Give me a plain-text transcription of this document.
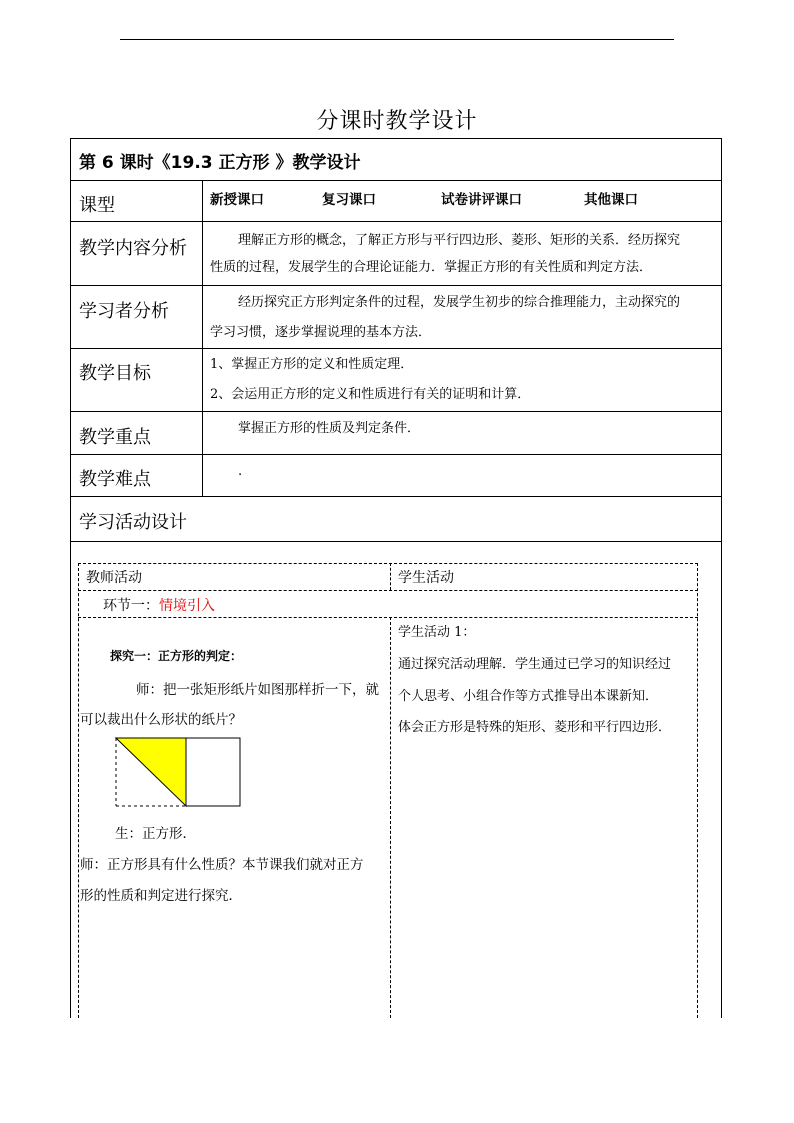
分课时教学设计
第 6 课时《19.3 正方形 》教学设计
课型	新授课口	复习课口	试卷讲评课口	其他课口
教学内容分析	理解正方形的概念，了解正方形与平行四边形、菱形、矩形的关系．经历探究
性质的过程，发展学生的合理论证能力．掌握正方形的有关性质和判定方法．
学习者分析	经历探究正方形判定条件的过程，发展学生初步的综合推理能力，主动探究的
学习习惯，逐步掌握说理的基本方法．
教学目标	1、掌握正方形的定义和性质定理．
2、会运用正方形的定义和性质进行有关的证明和计算．
教学重点	掌握正方形的性质及判定条件．
教学难点	.
学习活动设计
教师活动	学生活动
环节一：情境引入
探究一：正方形的判定：
师：把一张矩形纸片如图那样折一下，就
可以裁出什么形状的纸片？
生：正方形．
师：正方形具有什么性质？本节课我们就对正方
形的性质和判定进行探究．
学生活动 1：
通过探究活动理解．学生通过已学习的知识经过
个人思考、小组合作等方式推导出本课新知．
体会正方形是特殊的矩形、菱形和平行四边形．
